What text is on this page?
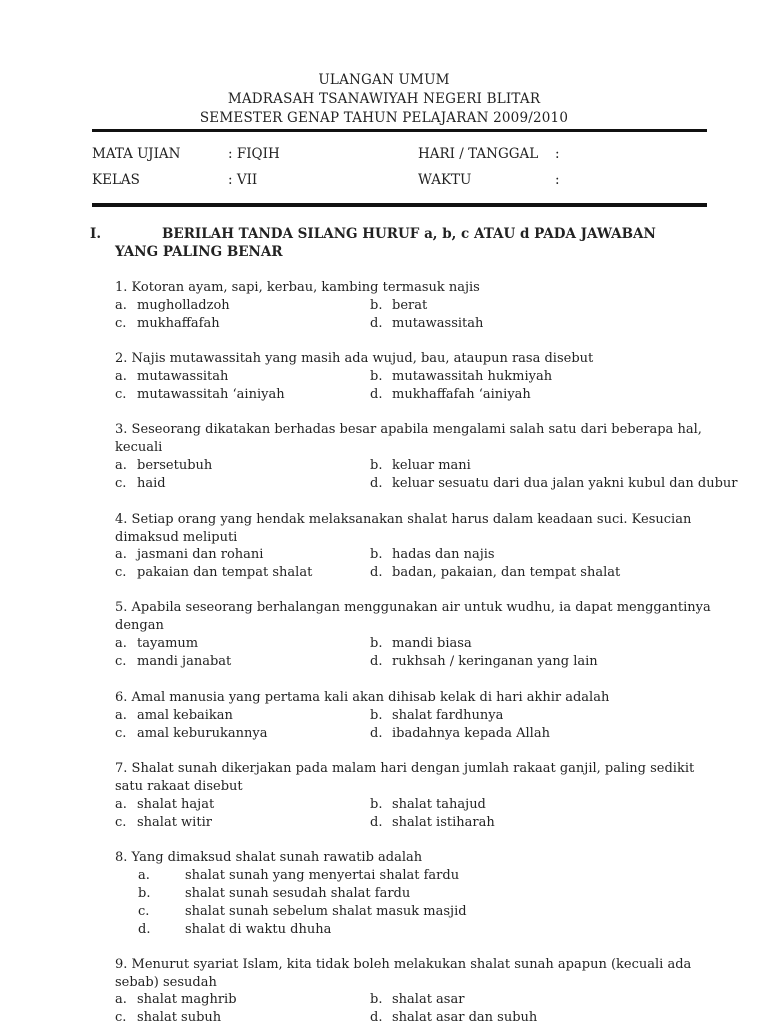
ULANGAN UMUM
MADRASAH TSANAWIYAH NEGERI BLITAR
SEMESTER GENAP TAHUN PELAJARAN 2009/2010
MATA UJIAN	: FIQIH	HARI / TANGGAL :
KELAS	: VII	WAKTU	:
I.	BERILAH TANDA SILANG HURUF a, b, c ATAU d PADA JAWABAN
YANG PALING BENAR
1. Kotoran ayam, sapi, kerbau, kambing termasuk najis
a. mugholladzoh	b. berat
c. mukhaffafah	d. mutawassitah
2. Najis mutawassitah yang masih ada wujud, bau, ataupun rasa disebut
a. mutawassitah	b. mutawassitah hukmiyah
c. mutawassitah ‘ainiyah	d. mukhaffafah ‘ainiyah
3. Seseorang dikatakan berhadas besar apabila mengalami salah satu dari beberapa hal, kecuali
a. bersetubuh	b. keluar mani
c. haid	d. keluar sesuatu dari dua jalan yakni kubul dan dubur
4. Setiap orang yang hendak melaksanakan shalat harus dalam keadaan suci. Kesucian dimaksud meliputi
a. jasmani dan rohani	b. hadas dan najis
c. pakaian dan tempat shalat	d. badan, pakaian, dan tempat shalat
5. Apabila seseorang berhalangan menggunakan air untuk wudhu, ia dapat menggantinya dengan
a. tayamum	b. mandi biasa
c. mandi janabat	d. rukhsah / keringanan yang lain
6. Amal manusia yang pertama kali akan dihisab kelak di hari akhir adalah
a. amal kebaikan	b. shalat fardhunya
c. amal keburukannya	d. ibadahnya kepada Allah
7. Shalat sunah dikerjakan pada malam hari dengan jumlah rakaat ganjil, paling sedikit satu rakaat disebut
a. shalat hajat	b. shalat tahajud
c. shalat witir	d. shalat istiharah
8. Yang dimaksud shalat sunah rawatib adalah
a.	shalat sunah yang menyertai shalat fardu
b.	shalat sunah sesudah shalat fardu
c.	shalat sunah sebelum shalat masuk masjid
d.	shalat di waktu dhuha
9. Menurut syariat Islam, kita tidak boleh melakukan shalat sunah apapun (kecuali ada sebab) sesudah
a. shalat maghrib	b. shalat asar
c. shalat subuh	d. shalat asar dan subuh
